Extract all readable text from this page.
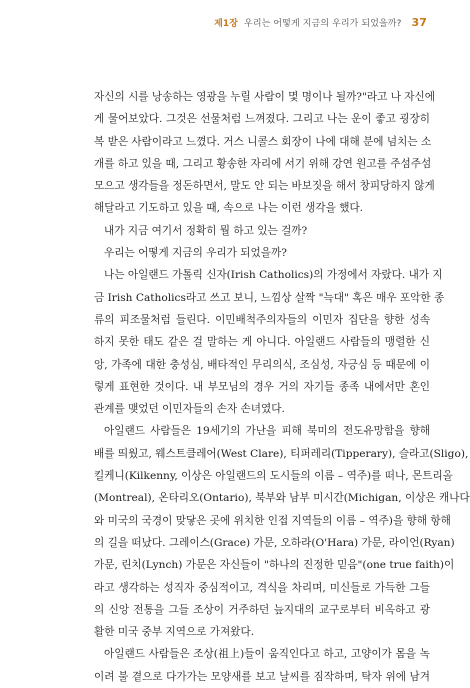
제1장 우리는 어떻게 지금의 우리가 되었을까? 37
자신의 시를 낭송하는 영광을 누릴 사람이 몇 명이나 될까?"라고 나 자신에
게 물어보았다. 그것은 선물처럼 느껴졌다. 그리고 나는 운이 좋고 굉장히
복 받은 사람이라고 느꼈다. 거스 니콜스 회장이 나에 대해 분에 넘치는 소
개를 하고 있을 때, 그리고 황송한 자리에 서기 위해 강연 원고를 주섬주섬
모으고 생각들을 정돈하면서, 말도 안 되는 바보짓을 해서 창피당하지 않게
해달라고 기도하고 있을 때, 속으로 나는 이런 생각을 했다.
내가 지금 여기서 정확히 뭘 하고 있는 걸까?
우리는 어떻게 지금의 우리가 되었을까?
나는 아일랜드 가톨릭 신자(Irish Catholics)의 가정에서 자랐다. 내가 지
금 Irish Catholics라고 쓰고 보니, 느낌상 살짝 "늑대" 혹은 매우 포악한 종
류의 피조물처럼 들린다. 이민배척주의자들의 이민자 집단을 향한 성속
하지 못한 태도 같은 걸 말하는 게 아니다. 아일랜드 사람들의 맹렬한 신
앙, 가족에 대한 충성심, 배타적인 무리의식, 조심성, 자긍심 등 때문에 이
렇게 표현한 것이다. 내 부모님의 경우 거의 자기들 종족 내에서만 혼인
관계를 맺었던 이민자들의 손자 손녀였다.
아일랜드 사람들은 19세기의 가난을 피해 북미의 전도유망함을 향해
배를 띄웠고, 웨스트클레어(West Clare), 티퍼레리(Tipperary), 슬라고(Sligo),
킬케니(Kilkenny, 이상은 아일랜드의 도시들의 이름 – 역주)를 떠나, 몬트리올
(Montreal), 온타리오(Ontario), 북부와 남부 미시간(Michigan, 이상은 캐나다
와 미국의 국경이 맞닿은 곳에 위치한 인접 지역들의 이름 – 역주)을 향해 항해
의 길을 떠났다. 그레이스(Grace) 가문, 오하라(O'Hara) 가문, 라이언(Ryan)
가문, 린치(Lynch) 가문은 자신들이 "하나의 진정한 믿음"(one true faith)이
라고 생각하는 성직자 중심적이고, 격식을 차리며, 미신들로 가득한 그들
의 신앙 전통을 그들 조상이 거주하던 늪지대의 교구로부터 비옥하고 광
활한 미국 중부 지역으로 가져왔다.
아일랜드 사람들은 조상(祖上)들이 움직인다고 하고, 고양이가 몸을 녹
이려 불 곁으로 다가가는 모양새를 보고 날씨를 짐작하며, 탁자 위에 남겨
